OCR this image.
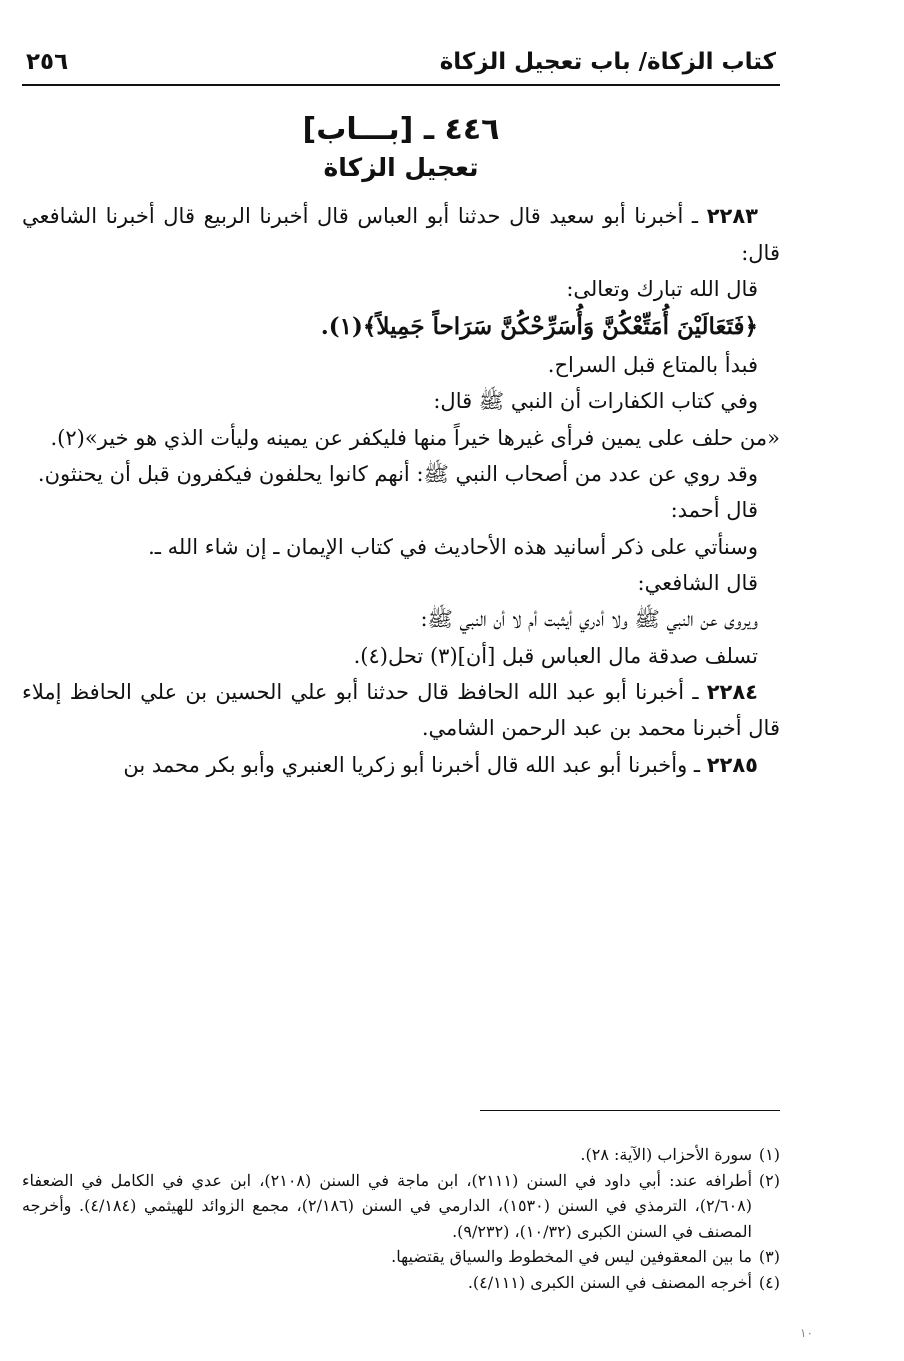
كتاب الزكاة/ باب تعجيل الزكاة
٢٥٦
٤٤٦ ـ [بـــاب]
تعجيل الزكاة

٢٢٨٣ ـ أخبرنا أبو سعيد قال حدثنا أبو العباس قال أخبرنا الربيع قال أخبرنا الشافعي قال:

قال الله تبارك وتعالى:

﴿فَتَعَالَيْنَ أُمَتِّعْكُنَّ وَأُسَرِّحْكُنَّ سَرَاحاً جَمِيلاً﴾(١).

فبدأ بالمتاع قبل السراح.

وفي كتاب الكفارات أن النبي ﷺ قال:

«من حلف على يمين فرأى غيرها خيراً منها فليكفر عن يمينه وليأت الذي هو خير»(٢).

وقد روي عن عدد من أصحاب النبي ﷺ: أنهم كانوا يحلفون فيكفرون قبل أن يحنثون.

قال أحمد:

وسنأتي على ذكر أسانيد هذه الأحاديث في كتاب الإيمان ـ إن شاء الله ـ.

قال الشافعي:

ويروى عن النبي ﷺ ولا أدري أيثبت أم لا أن النبي ﷺ:

تسلف صدقة مال العباس قبل [أن](٣) تحل(٤).

٢٢٨٤ ـ أخبرنا أبو عبد الله الحافظ قال حدثنا أبو علي الحسين بن علي الحافظ إملاء قال أخبرنا محمد بن عبد الرحمن الشامي.

٢٢٨٥ ـ وأخبرنا أبو عبد الله قال أخبرنا أبو زكريا العنبري وأبو بكر محمد بن

(١)
سورة الأحزاب (الآية: ٢٨).

(٢)
أطرافه عند: أبي داود في السنن (٢١١١)، ابن ماجة في السنن (٢١٠٨)، ابن عدي في الكامل في الضعفاء (٢/٦٠٨)، الترمذي في السنن (١٥٣٠)، الدارمي في السنن (٢/١٨٦)، مجمع الزوائد للهيثمي (٤/١٨٤). وأخرجه المصنف في السنن الكبرى (١٠/٣٢)، (٩/٢٣٢).

(٣)
ما بين المعقوفين ليس في المخطوط والسياق يقتضيها.

(٤)
أخرجه المصنف في السنن الكبرى (٤/١١١).

١٠
